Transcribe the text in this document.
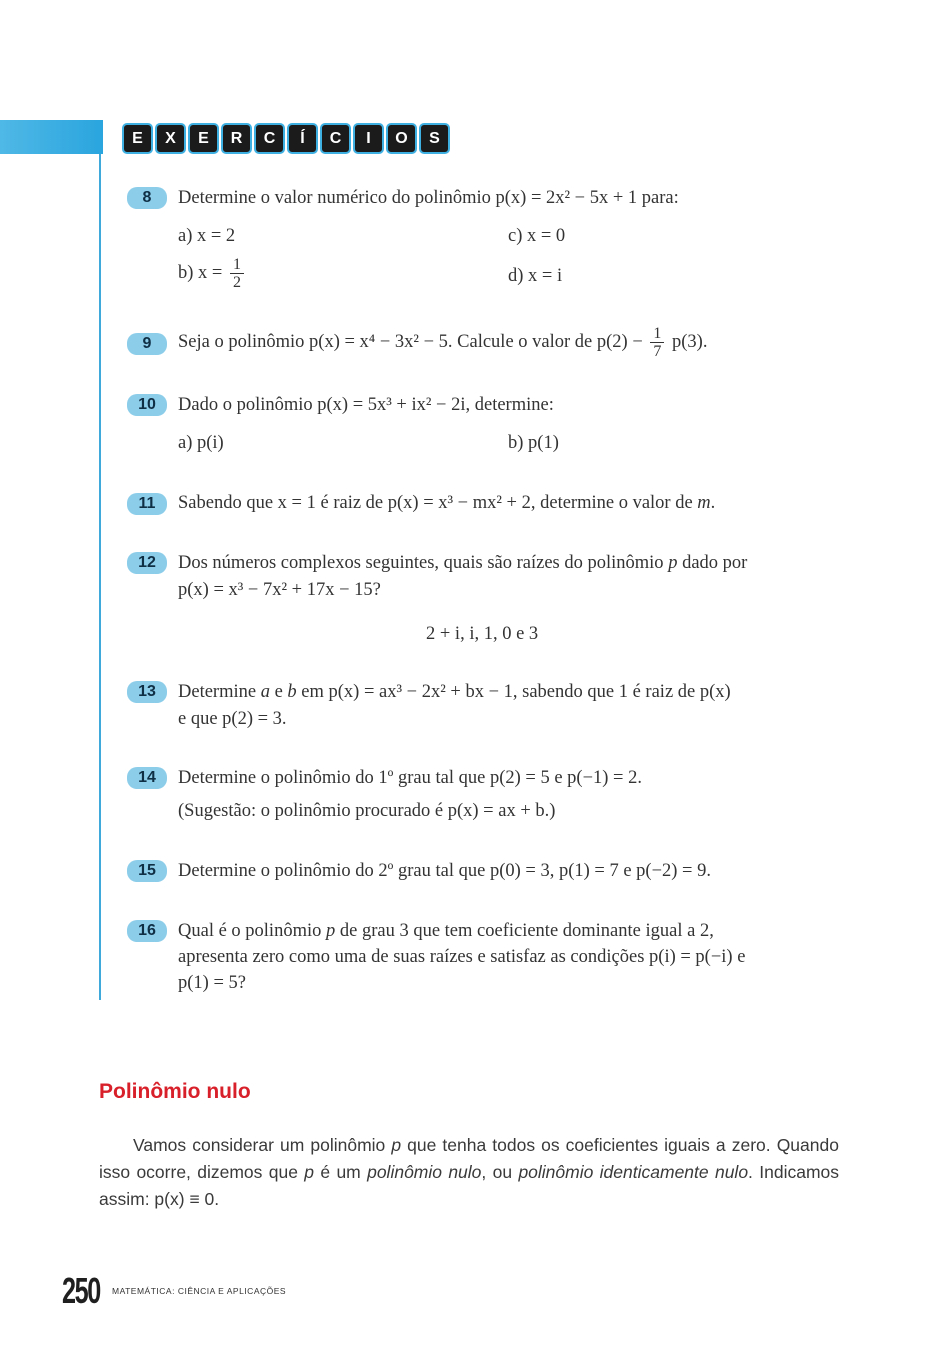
E	X	E	R	C	Í	C	I	O	S
8	Determine o valor numérico do polinômio p(x) = 2x² − 5x + 1 para:
a) x = 2	c) x = 0
b) $x = \frac{1}{2}$	d) x = i
9	Seja o polinômio p(x) = x⁴ − 3x² − 5. Calcule o valor de $p(2) - \frac{1}{7} p(3)$.
10	Dado o polinômio p(x) = 5x³ + ix² − 2i, determine:
a) p(i)	b) p(1)
11	Sabendo que x = 1 é raiz de p(x) = x³ − mx² + 2, determine o valor de m.
12	Dos números complexos seguintes, quais são raízes do polinômio p dado por
p(x) = x³ − 7x² + 17x − 15?
2 + i, i, 1, 0 e 3
13	Determine a e b em p(x) = ax³ − 2x² + bx − 1, sabendo que 1 é raiz de p(x)
e que p(2) = 3.
14	Determine o polinômio do 1º grau tal que p(2) = 5 e p(−1) = 2.
(Sugestão: o polinômio procurado é p(x) = ax + b.)
15	Determine o polinômio do 2º grau tal que p(0) = 3, p(1) = 7 e p(−2) = 9.
16	Qual é o polinômio p de grau 3 que tem coeficiente dominante igual a 2,
apresenta zero como uma de suas raízes e satisfaz as condições p(i) = p(−i) e
p(1) = 5?
Polinômio nulo
Vamos considerar um polinômio p que tenha todos os coeficientes iguais a zero. Quando isso ocorre, dizemos que p é um polinômio nulo, ou polinômio identicamente nulo. Indicamos assim: p(x) ≡ 0.
250 MATEMÁTICA: CIÊNCIA E APLICAÇÕES
